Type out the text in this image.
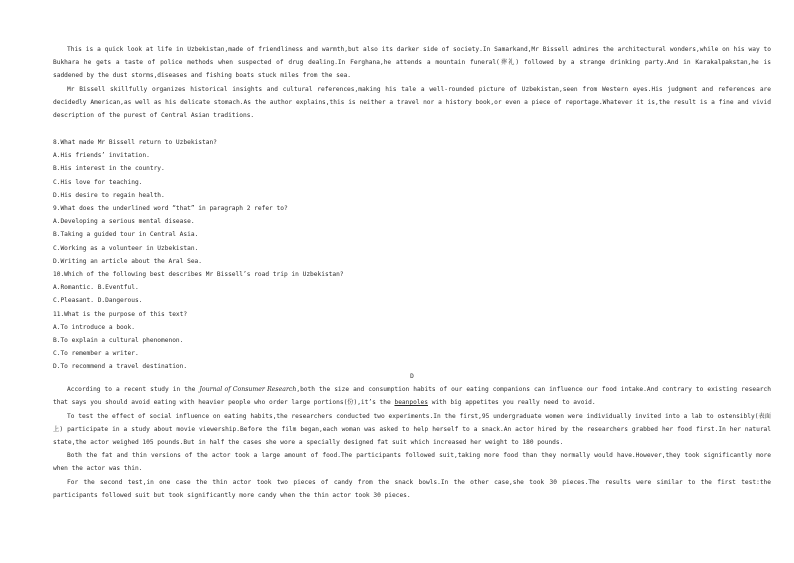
This is a quick look at life in Uzbekistan,made of friendliness and warmth,but also its darker side of society.In Samarkand,Mr Bissell admires the architectural wonders,while on his way to Bukhara he gets a taste of police methods when suspected of drug dealing.In Ferghana,he attends a mountain funeral(葬礼) followed by a strange drinking party.And in Karakalpakstan,he is saddened by the dust storms,diseases and fishing boats stuck miles from the sea.

Mr Bissell skillfully organizes historical insights and cultural references,making his tale a well-rounded picture of Uzbekistan,seen from Western eyes.His judgment and references are decidedly American,as well as his delicate stomach.As the author explains,this is neither a travel nor a history book,or even a piece of reportage.Whatever it is,the result is a fine and vivid description of the purest of Central Asian traditions.

8.What made Mr Bissell return to Uzbekistan?

A.His friends’ invitation.

B.His interest in the country.

C.His love for teaching.

D.His desire to regain health.

9.What does the underlined word “that” in paragraph 2 refer to?

A.Developing a serious mental disease.

B.Taking a guided tour in Central Asia.

C.Working as a volunteer in Uzbekistan.

D.Writing an article about the Aral Sea.

10.Which of the following best describes Mr Bissell’s road trip in Uzbekistan?

A.Romantic. B.Eventful.

C.Pleasant. D.Dangerous.

11.What is the purpose of this text?

A.To introduce a book.

B.To explain a cultural phenomenon.

C.To remember a writer.

D.To recommend a travel destination.

D

According to a recent study in the Journal of Consumer Research,both the size and consumption habits of our eating companions can influence our food intake.And contrary to existing research that says you should avoid eating with heavier people who order large portions(份),it’s the beanpoles with big appetites you really need to avoid.

To test the effect of social influence on eating habits,the researchers conducted two experiments.In the first,95 undergraduate women were individually invited into a lab to ostensibly(表面上) participate in a study about movie viewership.Before the film began,each woman was asked to help herself to a snack.An actor hired by the researchers grabbed her food first.In her natural state,the actor weighed 105 pounds.But in half the cases she wore a specially designed fat suit which increased her weight to 180 pounds.

Both the fat and thin versions of the actor took a large amount of food.The participants followed suit,taking more food than they normally would have.However,they took significantly more when the actor was thin.

For the second test,in one case the thin actor took two pieces of candy from the snack bowls.In the other case,she took 30 pieces.The results were similar to the first test:the participants followed suit but took significantly more candy when the thin actor took 30 pieces.
